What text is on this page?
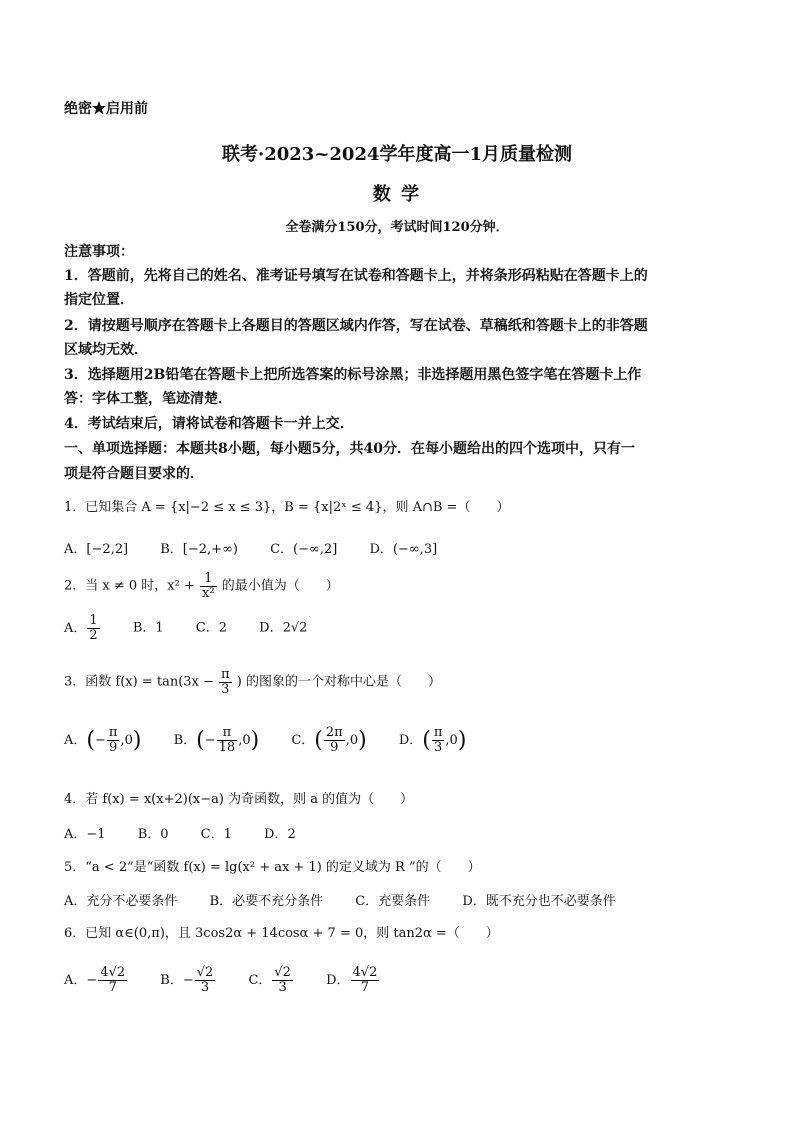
绝密★启用前
联考·2023~2024学年度高一1月质量检测
数 学
全卷满分150分，考试时间120分钟．
注意事项：
1．答题前，先将自己的姓名、准考证号填写在试卷和答题卡上，并将条形码粘贴在答题卡上的
指定位置．
2．请按题号顺序在答题卡上各题目的答题区域内作答，写在试卷、草稿纸和答题卡上的非答题
区域均无效．
3．选择题用2B铅笔在答题卡上把所选答案的标号涂黑；非选择题用黑色签字笔在答题卡上作
答：字体工整，笔迹清楚．
4．考试结束后，请将试卷和答题卡一并上交．
一、单项选择题：本题共8小题，每小题5分，共40分．在每小题给出的四个选项中，只有一
项是符合题目要求的．
1．已知集合 A = {x|−2 ≤ x ≤ 3}，B = {x|2ˣ ≤ 4}，则 A∩B =（　　）
A．[−2,2] B．[−2,+∞) C．(−∞,2] D．(−∞,3]
2．当 x ≠ 0 时，$x^2 + \frac{1}{\text{x²}}$ 的最小值为（　　）
A． $\frac{1}{2}$	B．1 C．2 D．2√2
3．函数 $f(x) = \tan(3x - \frac{\pi}{3}$ ) 的图象的一个对称中心是（　　）
A．(− $\frac{\pi}{9} ,0$) B．(− $\frac{\pi}{18} ,0$) C．( $\frac{2\pi}{9} ,0$) D．( $\frac{\pi}{3} ,0$)
4．若 f(x) = x(x+2)(x−a) 为奇函数，则 a 的值为（　　）
A．−1 B．0 C．1 D．2
5．“a < 2”是“函数 f(x) = lg(x² + ax + 1) 的定义域为 R ”的（　　）
A．充分不必要条件 B．必要不充分条件 C．充要条件 D．既不充分也不必要条件
6．已知 α∈(0,π)，且 3cos2α + 14cosα + 7 = 0，则 tan2α =（　　）
A．− $\frac{4√2}{7}$	B．− $\frac{√2}{3}$	C． $\frac{√2}{3}$	D． $\frac{4√2}{7}$
